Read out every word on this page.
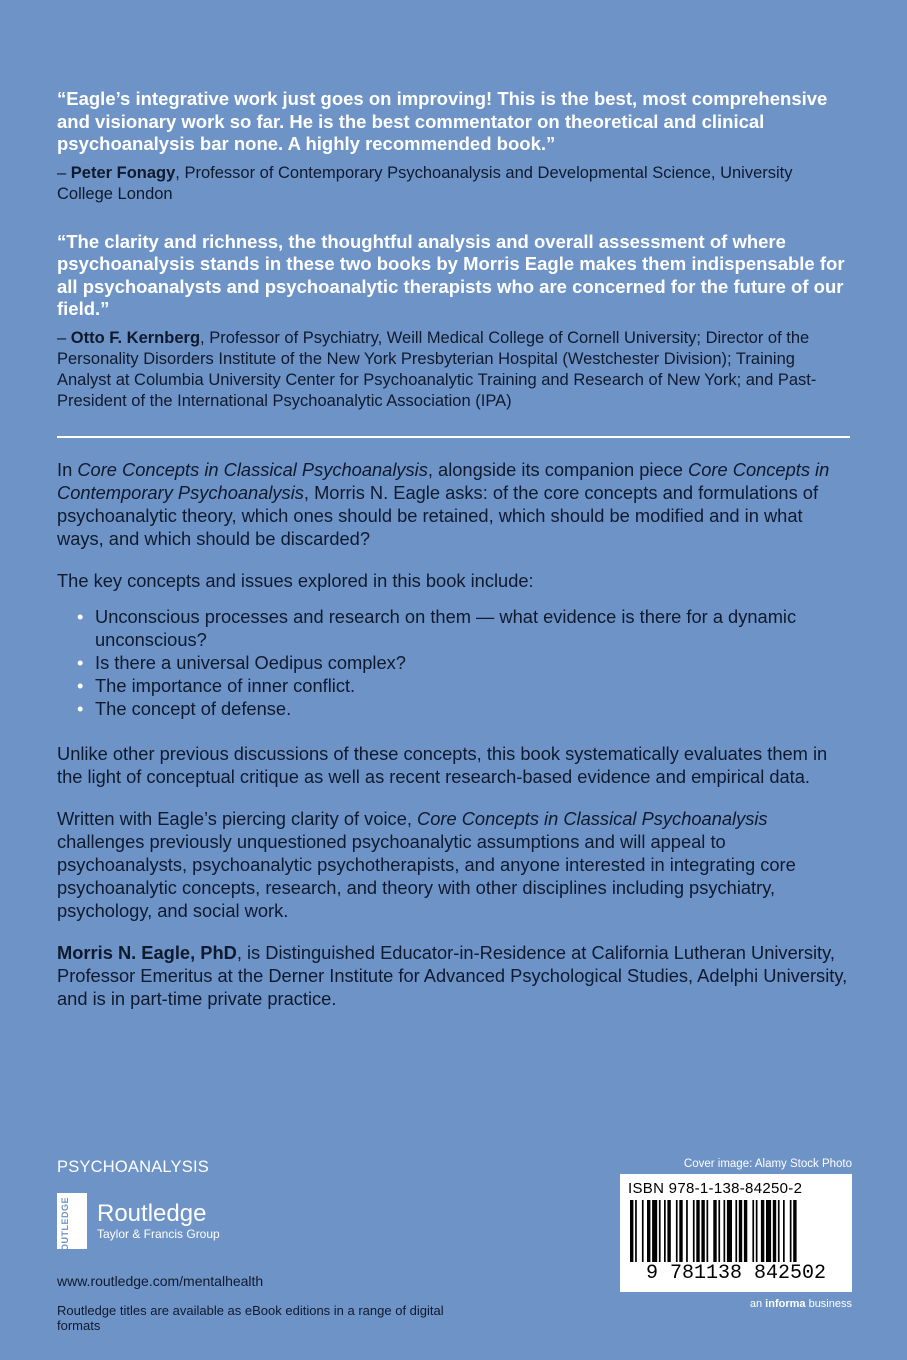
“Eagle’s integrative work just goes on improving! This is the best, most comprehensive and visionary work so far. He is the best commentator on theoretical and clinical psychoanalysis bar none. A highly recommended book.”

– Peter Fonagy, Professor of Contemporary Psychoanalysis and Developmental Science, University College London

“The clarity and richness, the thoughtful analysis and overall assessment of where psychoanalysis stands in these two books by Morris Eagle makes them indispensable for all psychoanalysts and psychoanalytic therapists who are concerned for the future of our field.”

– Otto F. Kernberg, Professor of Psychiatry, Weill Medical College of Cornell University; Director of the Personality Disorders Institute of the New York Presbyterian Hospital (Westchester Division); Training Analyst at Columbia University Center for Psychoanalytic Training and Research of New York; and Past-President of the International Psychoanalytic Association (IPA)

In Core Concepts in Classical Psychoanalysis, alongside its companion piece Core Concepts in Contemporary Psychoanalysis, Morris N. Eagle asks: of the core concepts and formulations of psychoanalytic theory, which ones should be retained, which should be modified and in what ways, and which should be discarded?

The key concepts and issues explored in this book include:

• Unconscious processes and research on them — what evidence is there for a dynamic unconscious?
• Is there a universal Oedipus complex?
• The importance of inner conflict.
• The concept of defense.

Unlike other previous discussions of these concepts, this book systematically evaluates them in the light of conceptual critique as well as recent research-based evidence and empirical data.

Written with Eagle’s piercing clarity of voice, Core Concepts in Classical Psychoanalysis challenges previously unquestioned psychoanalytic assumptions and will appeal to psychoanalysts, psychoanalytic psychotherapists, and anyone interested in integrating core psychoanalytic concepts, research, and theory with other disciplines including psychiatry, psychology, and social work.

Morris N. Eagle, PhD, is Distinguished Educator-in-Residence at California Lutheran University, Professor Emeritus at the Derner Institute for Advanced Psychological Studies, Adelphi University, and is in part-time private practice.

PSYCHOANALYSIS
ROUTLEDGE Routledge
Taylor & Francis Group
www.routledge.com/mentalhealth
Routledge titles are available as eBook editions in a range of digital formats
Cover image: Alamy Stock Photo
ISBN 978-1-138-84250-2
9 781138 842502
an informa business
